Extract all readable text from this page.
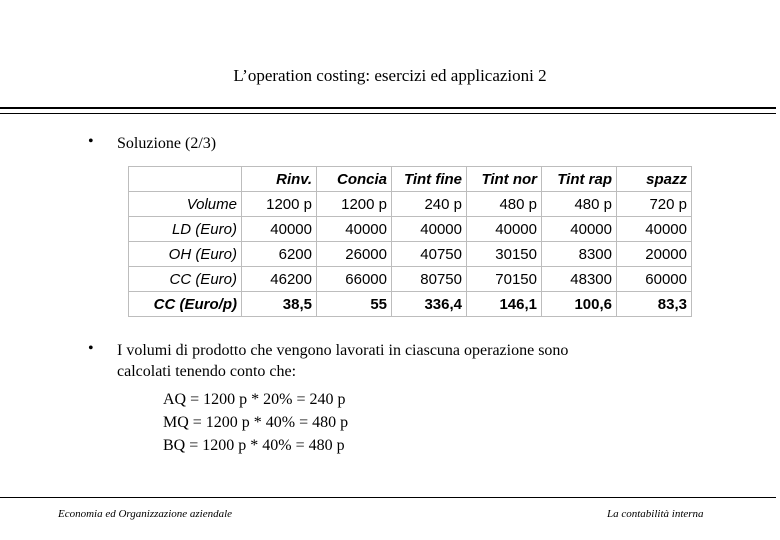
L’operation costing: esercizi ed applicazioni 2
• Soluzione (2/3)
	Rinv.	Concia	Tint fine	Tint nor	Tint rap	spazz
Volume	1200 p	1200 p	240 p	480 p	480 p	720 p
LD (Euro)	40000	40000	40000	40000	40000	40000
OH (Euro)	6200	26000	40750	30150	8300	20000
CC (Euro)	46200	66000	80750	70150	48300	60000
CC (Euro/p)	38,5	55	336,4	146,1	100,6	83,3
• I volumi di prodotto che vengono lavorati in ciascuna operazione sono
calcolati tenendo conto che:
AQ = 1200 p * 20% = 240 p
MQ = 1200 p * 40% = 480 p
BQ = 1200 p * 40% = 480 p
Economia ed Organizzazione aziendale	La contabilità interna
